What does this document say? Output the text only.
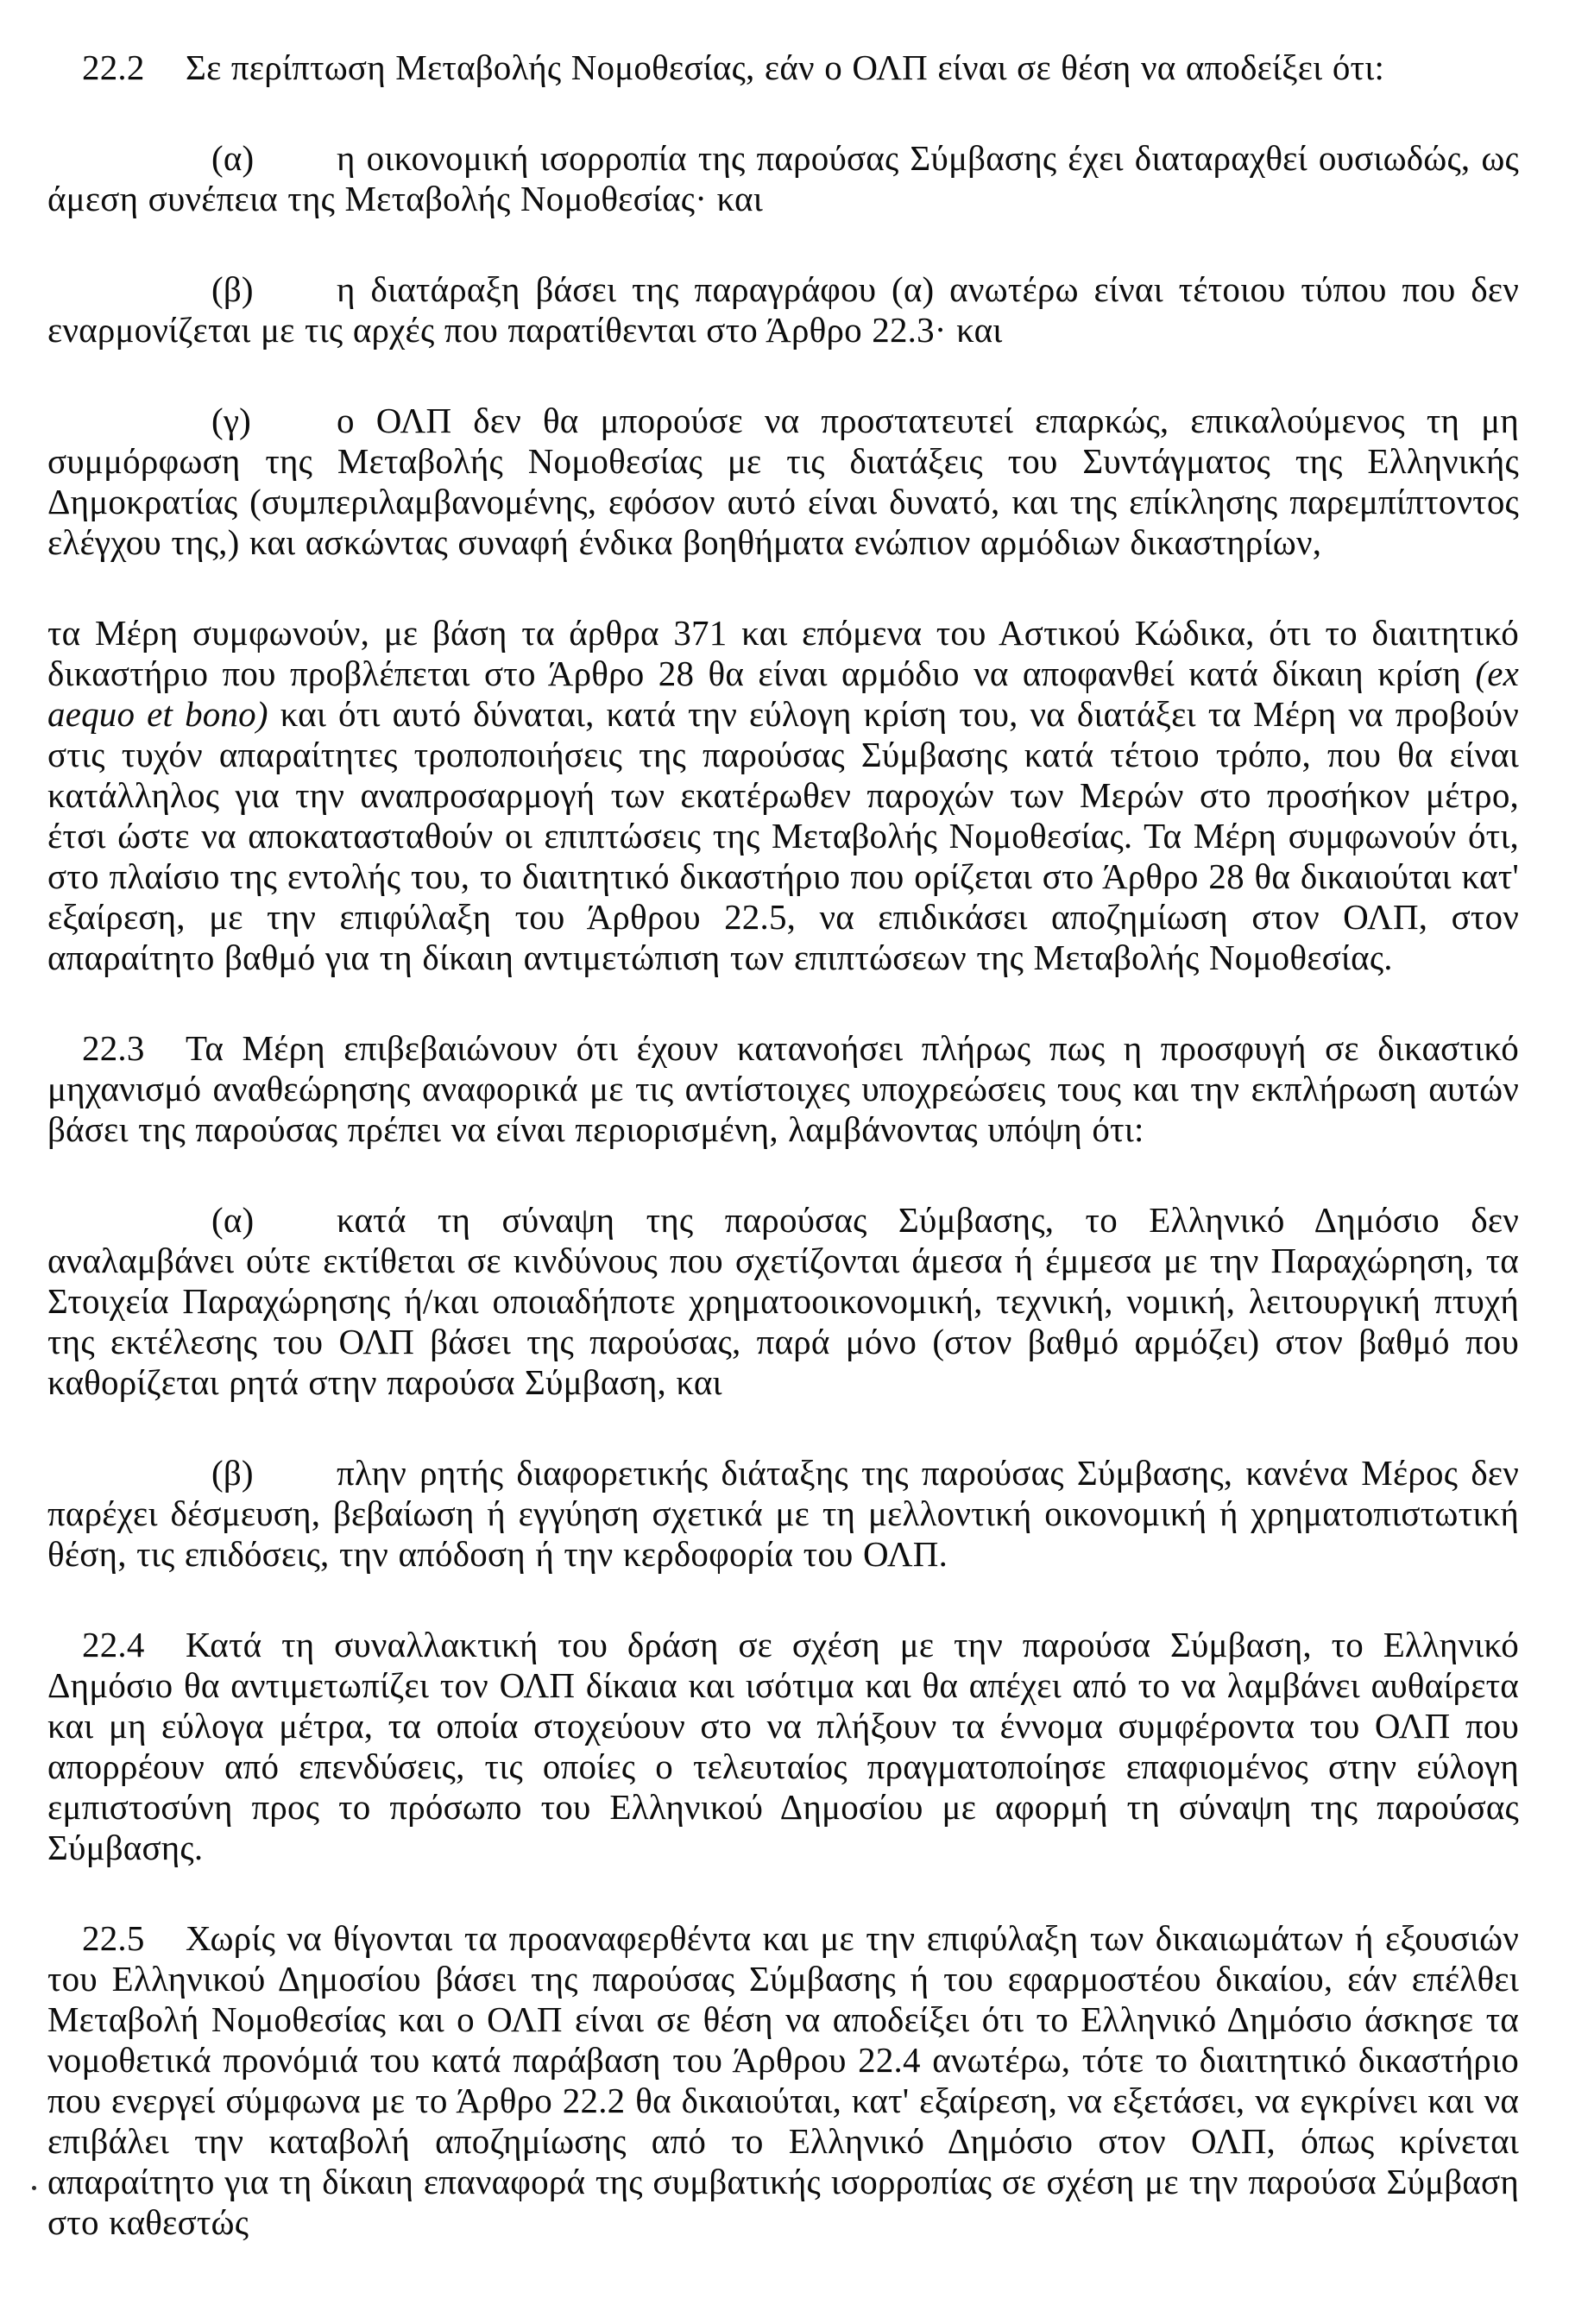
22.2 Σε περίπτωση Μεταβολής Νομοθεσίας, εάν ο ΟΛΠ είναι σε θέση να αποδείξει ότι:

(α) η οικονομική ισορροπία της παρούσας Σύμβασης έχει διαταραχθεί ουσιωδώς, ως άμεση συνέπεια της Μεταβολής Νομοθεσίας· και

(β) η διατάραξη βάσει της παραγράφου (α) ανωτέρω είναι τέτοιου τύπου που δεν εναρμονίζεται με τις αρχές που παρατίθενται στο Άρθρο 22.3· και

(γ) ο ΟΛΠ δεν θα μπορούσε να προστατευτεί επαρκώς, επικαλούμενος τη μη συμμόρφωση της Μεταβολής Νομοθεσίας με τις διατάξεις του Συντάγματος της Ελληνικής Δημοκρατίας (συμπεριλαμβανομένης, εφόσον αυτό είναι δυνατό, και της επίκλησης παρεμπίπτοντος ελέγχου της,) και ασκώντας συναφή ένδικα βοηθήματα ενώπιον αρμόδιων δικαστηρίων,

τα Μέρη συμφωνούν, με βάση τα άρθρα 371 και επόμενα του Αστικού Κώδικα, ότι το διαιτητικό δικαστήριο που προβλέπεται στο Άρθρο 28 θα είναι αρμόδιο να αποφανθεί κατά δίκαιη κρίση (ex aequo et bono) και ότι αυτό δύναται, κατά την εύλογη κρίση του, να διατάξει τα Μέρη να προβούν στις τυχόν απαραίτητες τροποποιήσεις της παρούσας Σύμβασης κατά τέτοιο τρόπο, που θα είναι κατάλληλος για την αναπροσαρμογή των εκατέρωθεν παροχών των Μερών στο προσήκον μέτρο, έτσι ώστε να αποκατασταθούν οι επιπτώσεις της Μεταβολής Νομοθεσίας. Τα Μέρη συμφωνούν ότι, στο πλαίσιο της εντολής του, το διαιτητικό δικαστήριο που ορίζεται στο Άρθρο 28 θα δικαιούται κατ' εξαίρεση, με την επιφύλαξη του Άρθρου 22.5, να επιδικάσει αποζημίωση στον ΟΛΠ, στον απαραίτητο βαθμό για τη δίκαιη αντιμετώπιση των επιπτώσεων της Μεταβολής Νομοθεσίας.

22.3 Τα Μέρη επιβεβαιώνουν ότι έχουν κατανοήσει πλήρως πως η προσφυγή σε δικαστικό μηχανισμό αναθεώρησης αναφορικά με τις αντίστοιχες υποχρεώσεις τους και την εκπλήρωση αυτών βάσει της παρούσας πρέπει να είναι περιορισμένη, λαμβάνοντας υπόψη ότι:

(α) κατά τη σύναψη της παρούσας Σύμβασης, το Ελληνικό Δημόσιο δεν αναλαμβάνει ούτε εκτίθεται σε κινδύνους που σχετίζονται άμεσα ή έμμεσα με την Παραχώρηση, τα Στοιχεία Παραχώρησης ή/και οποιαδήποτε χρηματοοικονομική, τεχνική, νομική, λειτουργική πτυχή της εκτέλεσης του ΟΛΠ βάσει της παρούσας, παρά μόνο (στον βαθμό αρμόζει) στον βαθμό που καθορίζεται ρητά στην παρούσα Σύμβαση, και

(β) πλην ρητής διαφορετικής διάταξης της παρούσας Σύμβασης, κανένα Μέρος δεν παρέχει δέσμευση, βεβαίωση ή εγγύηση σχετικά με τη μελλοντική οικονομική ή χρηματοπιστωτική θέση, τις επιδόσεις, την απόδοση ή την κερδοφορία του ΟΛΠ.

22.4 Κατά τη συναλλακτική του δράση σε σχέση με την παρούσα Σύμβαση, το Ελληνικό Δημόσιο θα αντιμετωπίζει τον ΟΛΠ δίκαια και ισότιμα και θα απέχει από το να λαμβάνει αυθαίρετα και μη εύλογα μέτρα, τα οποία στοχεύουν στο να πλήξουν τα έννομα συμφέροντα του ΟΛΠ που απορρέουν από επενδύσεις, τις οποίες ο τελευταίος πραγματοποίησε επαφιομένος στην εύλογη εμπιστοσύνη προς το πρόσωπο του Ελληνικού Δημοσίου με αφορμή τη σύναψη της παρούσας Σύμβασης.

22.5 Χωρίς να θίγονται τα προαναφερθέντα και με την επιφύλαξη των δικαιωμάτων ή εξουσιών του Ελληνικού Δημοσίου βάσει της παρούσας Σύμβασης ή του εφαρμοστέου δικαίου, εάν επέλθει Μεταβολή Νομοθεσίας και ο ΟΛΠ είναι σε θέση να αποδείξει ότι το Ελληνικό Δημόσιο άσκησε τα νομοθετικά προνόμιά του κατά παράβαση του Άρθρου 22.4 ανωτέρω, τότε το διαιτητικό δικαστήριο που ενεργεί σύμφωνα με το Άρθρο 22.2 θα δικαιούται, κατ' εξαίρεση, να εξετάσει, να εγκρίνει και να επιβάλει την καταβολή αποζημίωσης από το Ελληνικό Δημόσιο στον ΟΛΠ, όπως κρίνεται απαραίτητο για τη δίκαιη επαναφορά της συμβατικής ισορροπίας σε σχέση με την παρούσα Σύμβαση στο καθεστώς
